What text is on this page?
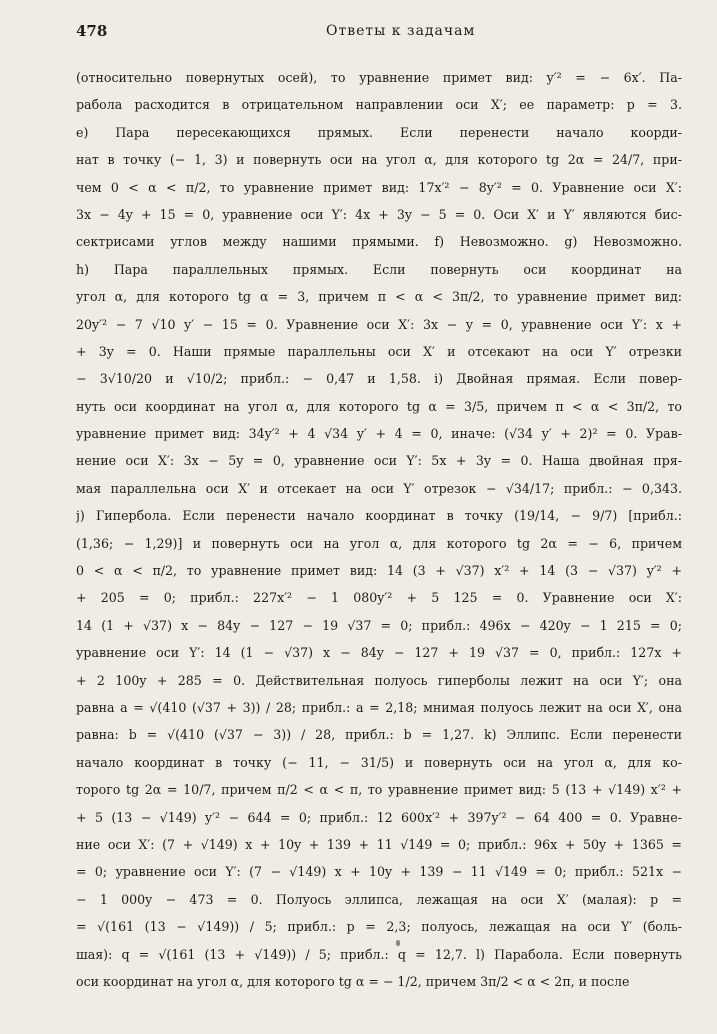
478	Ответы к задачам
(относительно повернутых осей), то уравнение примет вид: y′² = − 6x′. Па-
рабола расходится в отрицательном направлении оси X′; ее параметр: p = 3.
e) Пара пересекающихся прямых. Если перенести начало коорди-
нат в точку (− 1, 3) и повернуть оси на угол α, для которого tg 2α = 24/7, при-
чем 0 < α < π/2, то уравнение примет вид: 17x′² − 8y′² = 0. Уравнение оси X′:
3x − 4y + 15 = 0, уравнение оси Y′: 4x + 3y − 5 = 0. Оси X′ и Y′ являются бис-
сектрисами углов между нашими прямыми. f) Невозможно. g) Невозможно.
h) Пара параллельных прямых. Если повернуть оси координат на
угол α, для которого tg α = 3, причем π < α < 3π/2, то уравнение примет вид:
20y′² − 7 √10 y′ − 15 = 0. Уравнение оси X′: 3x − y = 0, уравнение оси Y′: x +
+ 3y = 0. Наши прямые параллельны оси X′ и отсекают на оси Y′ отрезки
− 3√10/20 и √10/2; прибл.: − 0,47 и 1,58. i) Двойная прямая. Если повер-
нуть оси координат на угол α, для которого tg α = 3/5, причем π < α < 3π/2, то
уравнение примет вид: 34y′² + 4 √34 y′ + 4 = 0, иначе: (√34 y′ + 2)² = 0. Урав-
нение оси X′: 3x − 5y = 0, уравнение оси Y′: 5x + 3y = 0. Наша двойная пря-
мая параллельна оси X′ и отсекает на оси Y′ отрезок − √34/17; прибл.: − 0,343.
j) Гипербола. Если перенести начало координат в точку (19/14, − 9/7) [прибл.:
(1,36; − 1,29)] и повернуть оси на угол α, для которого tg 2α = − 6, причем
0 < α < π/2, то уравнение примет вид: 14 (3 + √37) x′² + 14 (3 − √37) y′² +
+ 205 = 0; прибл.: 227x′² − 1 080y′² + 5 125 = 0. Уравнение оси X′:
14 (1 + √37) x − 84y − 127 − 19 √37 = 0; прибл.: 496x − 420y − 1 215 = 0;
уравнение оси Y′: 14 (1 − √37) x − 84y − 127 + 19 √37 = 0, прибл.: 127x +
+ 2 100y + 285 = 0. Действительная полуось гиперболы лежит на оси Y′; она
равна a = √(410 (√37 + 3)) / 28; прибл.: a = 2,18; мнимая полуось лежит на оси X′, она
равна: b = √(410 (√37 − 3)) / 28, прибл.: b = 1,27. k) Эллипс. Если перенести
начало координат в точку (− 11, − 31/5) и повернуть оси на угол α, для ко-
торого tg 2α = 10/7, причем π/2 < α < π, то уравнение примет вид: 5 (13 + √149) x′² +
+ 5 (13 − √149) y′² − 644 = 0; прибл.: 12 600x′² + 397y′² − 64 400 = 0. Уравне-
ние оси X′: (7 + √149) x + 10y + 139 + 11 √149 = 0; прибл.: 96x + 50y + 1365 =
= 0; уравнение оси Y′: (7 − √149) x + 10y + 139 − 11 √149 = 0; прибл.: 521x −
− 1 000y − 473 = 0. Полуось эллипса, лежащая на оси X′ (малая): p =
= √(161 (13 − √149)) / 5; прибл.: p = 2,3; полуось, лежащая на оси Y′ (боль-
шая): q = √(161 (13 + √149)) / 5; прибл.: q = 12,7. l) Парабола. Если повернуть
оси координат на угол α, для которого tg α = − 1/2, причем 3π/2 < α < 2π, и после
